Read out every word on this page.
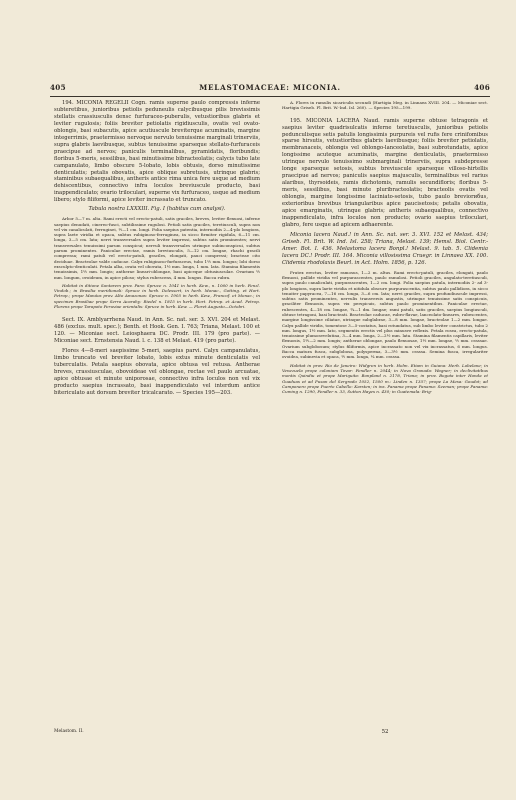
405	MELASTOMACEAE: MICONIA.	406

194. MICONIA REGELII Cogn. ramis superne paulo compressis inferne subteretibus, junioribus petiolis peduneulis calycibusque pilis brevissimis stellatis crassiusculis densc furfuraceo-puberulis, vetustioribus glabris et leviter rugulosis; foliis breviter petiolatis rigidiusculis, ovatis vel ovato-oblongis, basi subacutis, apice acutiuscule breviterque acuminatis, margine integerrimis, praetermisso nervoque nervulo tenuissime marginali trinerviis, supra glabris laevibusque, subtus tenuissime sparseque stellato-furfuraceis praecipue ad nervos; paniculis terminalibus, pyramidatis, floribundis; floribus 5-meris, sessilibus, basi minutissime bibracteolatis; calycis tubo late campanulato, limbo obscure 5-lobato, lobis obtusis, dorso minutissime denticulatis; petalis obovatis, apice oblique subretusis, utrinque glabris; staminibus subaequalibus, antheris antice rima unica fere usque ad medium dehiscentibus, connectivo infra loculos breviuscule producto, basi inappendiculato; ovario triloculari, superne vix furfuraceo, usque ad medium libero; stylo filiformi, apice leviter incrassato et truncato.

Tabula nostra LXXXIII. Fig. I (habitus cum analysi).

Arbor 5—7 m. alta. Rami erecti vel erecto-patuli, satis graciles, breves, leviter flexuosi, inferne saepius denudati, cinereo-fusci, subtilissime rugulosi. Petioli satis graciles, teretiusculi, supra non vel vix canaliculati, ferruginei, ½—1 cm. longi. Folia saepius patentia, internodiis 2—4-plo longiora, supra laete viridia et opaca, subtus rubiginoso-ferruginea, in sicco firmiter rigidula, 6—11 cm. longa, 3—5 cm. lata; nervi transversales supra leviter impressi, subtus satis prominentes; nervi transversales tenuissimi parum conspicui; nervuli transversales utrinque subinconspicui, subtus parum prominentes. Paniculae erectae, ramis breviusculis, 5—12 cm. longae, rhachi gracili compressa; rami patuli vel erecto-patuli, graciles, elongati, pauci compressi; bracteae cito deciduae. Bracteolae valde caducae. Calyx rubiginoso-furfuraceus, tubo 1½ mm. longus; lobi dorso exsculpto-denticulati. Petala alba, ovata vel obovata, 1½ mm. longa, 1 mm. lata. Stamina filamentis tenuissimis, 1½ mm. longis; antherae lineari-oblongae, basi apiceque obtusiusculae. Ovarium ½ mm. longum, ovoideum, in apice piloso; stylus rubescens, 4 mm. longus. Bacca rubra.

Habitat in ditione Santarem prov. Para: Spruce n. 1041 in herb. Kew., n. 1060 in herb. Fenzl. Vindob.; in Brasilia meridionali: Spruce in herb. Delessert, in herb. Monac., Gotting. et Hort. Petrop.; prope Manáos prov. Alto Amazonas: Spruce n. 1905 in herb. Kew., Francof. et Monac.; in specimen Brasiliae prope Serra Acarahy: Riedel n. 1815 in herb. Hort. Petrop. et Acad. Petrop. Florens prope Tarapoto Peruviae orientalis: Spruce in herb. Kew. — Floret Augusto—Octobri.

Sect. IX. Amblyarrhena Naud. in Ann. Sc. nat. ser. 3. XVI. 204 et Melast. 486 (exclus. mult. spec.); Benth. et Hook. Gen. I. 763; Triana, Melast. 100 et 120. — Miconiae sect. Leiosphaera DC. Prodr. III. 179 (pro parte). — Miconiae sect. Ernstensia Naud. l. c. 138 et Melast. 419 (pro parte).

Flores 4—8-meri saepissime 5-meri, saepius parvi. Calyx campanulatus, limbo truncato vel breviter lobato, lobis extus minute denticulatis vel tuberculatis. Petala saepius obovata, apice obtusa vel retusa. Antherae breves, crassiusculae, obovoideae vel oblongae, rectae vel paulo arcuatae, apice obtusae et minute uniporosae, connectivo infra loculos non vel vix producto saepius incrassato, basi inappendiculato vel interdum antice bitericulato aut dorsum breviter tricalcarato. — Species 195—203.

A. Flores in ramulis sicariculis secundi (Hartigia Meg. in Linnaea XVIII. 204. — Miconiae sect. Hartigia Griseb. Fl. Brit. W.-Ind. Isl. 260). — Species 195—199.

195. MICONIA LACERA Naud. ramis superne obtuse tetragonis et saepius leviter quadrisulcatis inferne teretiusculis, junioribus petiolis pedunculisque setis patulis longissimis purpureis vel rufis fere crinifomibus sparse hirsutis, vetustioribus glabris laevibusque; foliis breviter petiolatis, membranaceis, oblongis vel oblongo-lanceolatis, basi subrotundatis, apice longissime acuteque acuminatis, margine denticulatis, praetermisso utrinque nervulo tenuissimo submarginali trinerviis, supra subdepressе longe sparseque setosis, subtus breviuscule sparseque villoso-hirtellis praecipue ad nervos; paniculis saepius majusculis, terminalibus vel rarius alaribus, thyrsoideis, ramis dichotomis, ramulis secundifloris; floribus 5-meris, sessilibus, basi minute pluribracteolatis; bracteolis ovatis vel oblongis, margine longissime laciniato-setosis, tubo paulo breviorибus, exterioribus brevibus triangularibus apice paucisetosis; petalis obovatis, apice emarginatis, utrinque glabris; antheris subaequalibus, connectivo inappendiculato, infra loculos non producto; ovario saepius triloculari, glabro, fere usque ad apicem adhaerente.

Miconia lacera Naud.! in Ann. Sc. nat. ser. 3. XVI. 152 et Melast. 434; Griseb. Fl. Brit. W. Ind. Isl. 258; Triana, Melast. 139; Hemsl. Biol. Centr.-Amer. Bot. I. 436. Melastoma lacera Bonpl.! Melast. 9. tab. 5. Clidemia lacera DC.! Prodr. III. 164. Miconia villosissima Cruegr. in Linnaea XX. 100. Clidemia rhodolaxis Beurl. in Act. Holm. 1856, p. 126.

Frutex erectus, leviter ramosus, 1—2 m. altus. Rami erecto-patuli, graciles, elongati, paulo flexuosi, pallide viridia vel purpurascentes, paulo ramulosi. Petioli graciles, angulato-teretiusculi, supra paulo canaliculati, purpurascentes, 1—2 cm. longi. Folia saepius patula, internodiis 2- ad 3-plo longiora, supra laete viridia et nitidula obscure purpurascentia, subtus paulo pallidiora, in sicco tenuiter papyracea, 7—16 cm. longa, 3—6 cm. lata; nervi graciles, supra profundiuscule impressi, subtus satis prominentes, nervulis transversis angustis, utrinque tenuissime satis conspicuis, graciliter flexuosis, supra vix perspicuis, subtus paulo prominentibus. Paniculae erectae, rubescentes, 4—18 cm. longae, ¾—1 dm. longae; rami patuli, satis graciles, saepius longiusculi, obtuse tetragoni, basi bracteati. Bracteolae caducae, rubro-flavae, lanceolato-lineares, rubescentes, margine longissime ciliatae, utrinque subglabrae, 3—8 mm. longae, bracteolae 1—2 mm. longae. Calyx pallide viridis, tomentose 3—5-costatus, basi rotundatus, sub limbo leviter constrictus, tubo 2 mm. longus, 1½ mm. lato, segmentis erectis vel plus minusve reflexis. Petala rosea, erecto-patula, tenuissime plumosevelutina, 3—4 mm. longa, 2—2½ mm. lata. Stamina filamentis capillaris, leviter flexuosis, 1½—2 mm. longis; antherae oblongae, paulo flexuosae, 1½ mm. longae, ½ mm. crassae. Ovarium subglobosum; stylus filiformis, apice incrassato non vel vix incrassatus, 6 mm. longus. Bacca matura fusca, subglobosa, polysperma, 3—3½ mm. crassa. Semina fusca, irregulariter ovoidea, subinevia et opaca, ½ mm. longa, ¼ mm. crassa.

Habitat in prov. Rio de Janeiro: Widgren in herb. Holm. Etiam in Guiana: Herb. Lobelane; in Venezuela prope coloniam Tovar: Fendler n. 2044; in Nova Granada: Wagner; in declivitatibus montis Quindiu et prope Mariquita: Bonpland n. 2178, Triana; in prov. Bogota inter Honda et Guaduas et ad Pusan del Sergrado 1052, 1500 m.: Linden n. 1357; prope La Mesa: Goudot; ad Camponero prope Puerto Cabello: Karsten; in ins. Panama prope Panama: Seeman; prope Panama: Cuming n. 1290, Fendler n. 33, Sutton Hayes n. 430; in Guatemala: Brig-

Melastom. II.	52
